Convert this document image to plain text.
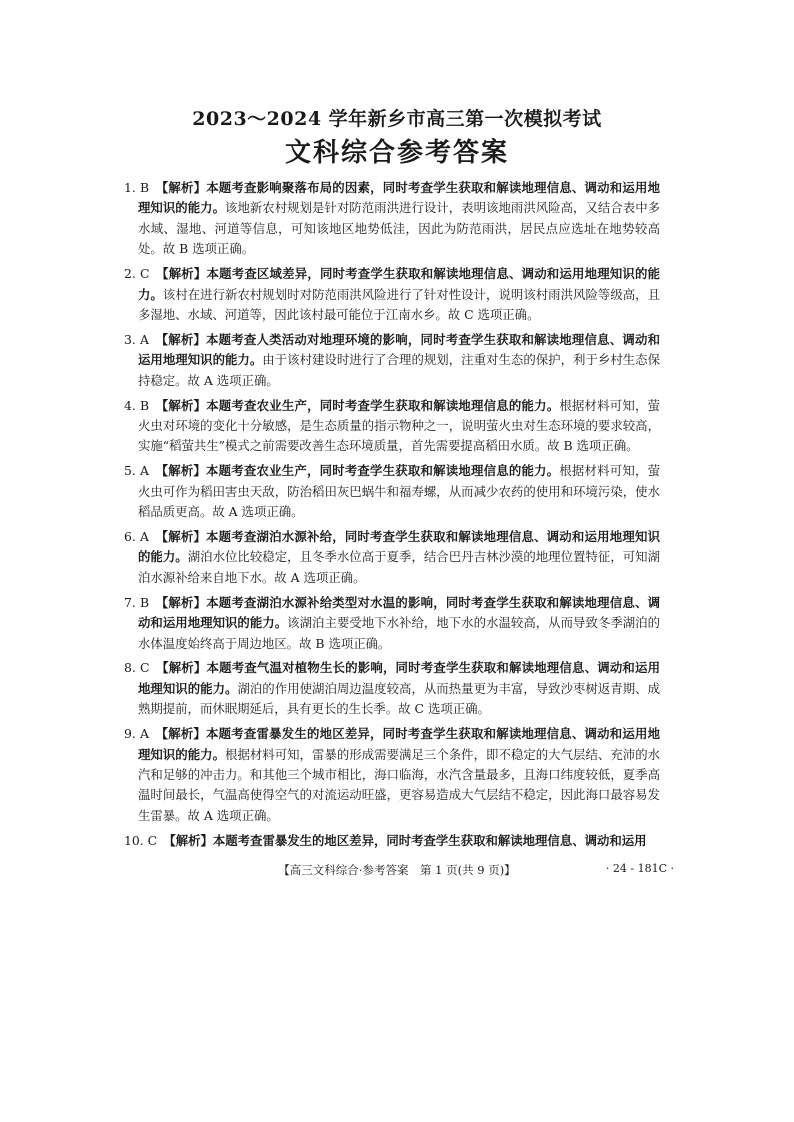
2023～2024 学年新乡市高三第一次模拟考试
文科综合参考答案

1. B　 【解析】本题考查影响聚落布局的因素，同时考查学生获取和解读地理信息、调动和运用地理知识的能力。该地新农村规划是针对防范雨洪进行设计，表明该地雨洪风险高，又结合表中多水域、湿地、河道等信息，可知该地区地势低洼，因此为防范雨洪，居民点应选址在地势较高处。故 B 选项正确。

2. C　 【解析】本题考查区域差异，同时考查学生获取和解读地理信息、调动和运用地理知识的能力。该村在进行新农村规划时对防范雨洪风险进行了针对性设计，说明该村雨洪风险等级高，且多湿地、水域、河道等，因此该村最可能位于江南水乡。故 C 选项正确。

3. A　 【解析】本题考查人类活动对地理环境的影响，同时考查学生获取和解读地理信息、调动和运用地理知识的能力。由于该村建设时进行了合理的规划，注重对生态的保护，利于乡村生态保持稳定。故 A 选项正确。

4. B　 【解析】本题考查农业生产，同时考查学生获取和解读地理信息的能力。根据材料可知，萤火虫对环境的变化十分敏感，是生态质量的指示物种之一，说明萤火虫对生态环境的要求较高，实施“稻萤共生”模式之前需要改善生态环境质量，首先需要提高稻田水质。故 B 选项正确。

5. A　 【解析】本题考查农业生产，同时考查学生获取和解读地理信息的能力。根据材料可知，萤火虫可作为稻田害虫天敌，防治稻田灰巴蜗牛和福寿螺，从而减少农药的使用和环境污染，使水稻品质更高。故 A 选项正确。

6. A　 【解析】本题考查湖泊水源补给，同时考查学生获取和解读地理信息、调动和运用地理知识的能力。湖泊水位比较稳定，且冬季水位高于夏季，结合巴丹吉林沙漠的地理位置特征，可知湖泊水源补给来自地下水。故 A 选项正确。

7. B　 【解析】本题考查湖泊水源补给类型对水温的影响，同时考查学生获取和解读地理信息、调动和运用地理知识的能力。该湖泊主要受地下水补给，地下水的水温较高，从而导致冬季湖泊的水体温度始终高于周边地区。故 B 选项正确。

8. C　 【解析】本题考查气温对植物生长的影响，同时考查学生获取和解读地理信息、调动和运用地理知识的能力。湖泊的作用使湖泊周边温度较高，从而热量更为丰富，导致沙枣树返青期、成熟期提前，而休眠期延后，具有更长的生长季。故 C 选项正确。

9. A　 【解析】本题考查雷暴发生的地区差异，同时考查学生获取和解读地理信息、调动和运用地理知识的能力。根据材料可知，雷暴的形成需要满足三个条件，即不稳定的大气层结、充沛的水汽和足够的冲击力。和其他三个城市相比，海口临海，水汽含量最多，且海口纬度较低，夏季高温时间最长，气温高使得空气的对流运动旺盛，更容易造成大气层结不稳定，因此海口最容易发生雷暴。故 A 选项正确。

10. C　 【解析】本题考查雷暴发生的地区差异，同时考查学生获取和解读地理信息、调动和运用

【高三文科综合·参考答案　第 1 页(共 9 页)】	· 24 - 181C ·
